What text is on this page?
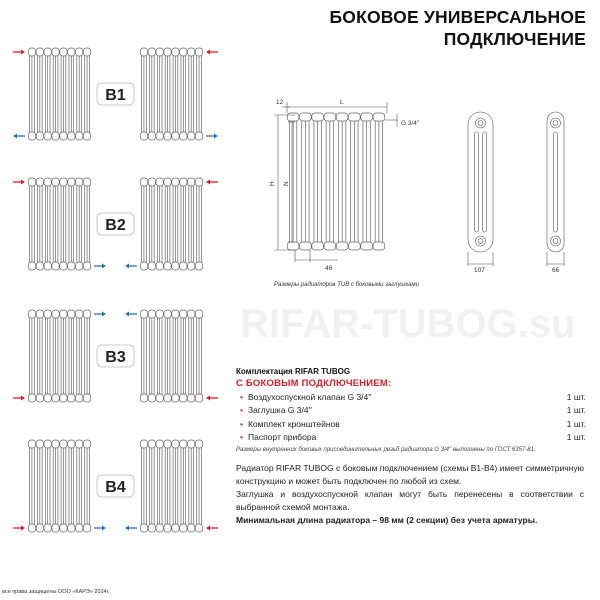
RIFAR-TUBOG.su
БОКОВОЕ УНИВЕРСАЛЬНОЕ
ПОДКЛЮЧЕНИЕ
B1
B2
B3
B4
12	L
G 3/4''
H N
46	107	66
Размеры радиаторов TUB с боковыми заглушками
Комплектация RIFAR TUBOG
С БОКОВЫМ ПОДКЛЮЧЕНИЕМ:
• Воздухоспускной клапан G 3/4''	1 шт.
• Заглушка G 3/4''	1 шт.
• Комплект кронштейнов	1 шт.
• Паспорт прибора	1 шт.
Размеры внутренних боковых присоединительных резьб радиатора G 3/4'' выполнены по ГОСТ 6357-81.
Радиатор RIFAR TUBOG с боковым подключением (схемы В1-В4) имеет симметричную конструкцию и может быть подключен по любой из схем.
Заглушка и воздухоспускной клапан могут быть перенесены в соответствии с выбранной схемой монтажа.
Минимальная длина радиатора – 98 мм (2 секции) без учета арматуры.
все права защищены ООО «КАРЭ» 2024г.
